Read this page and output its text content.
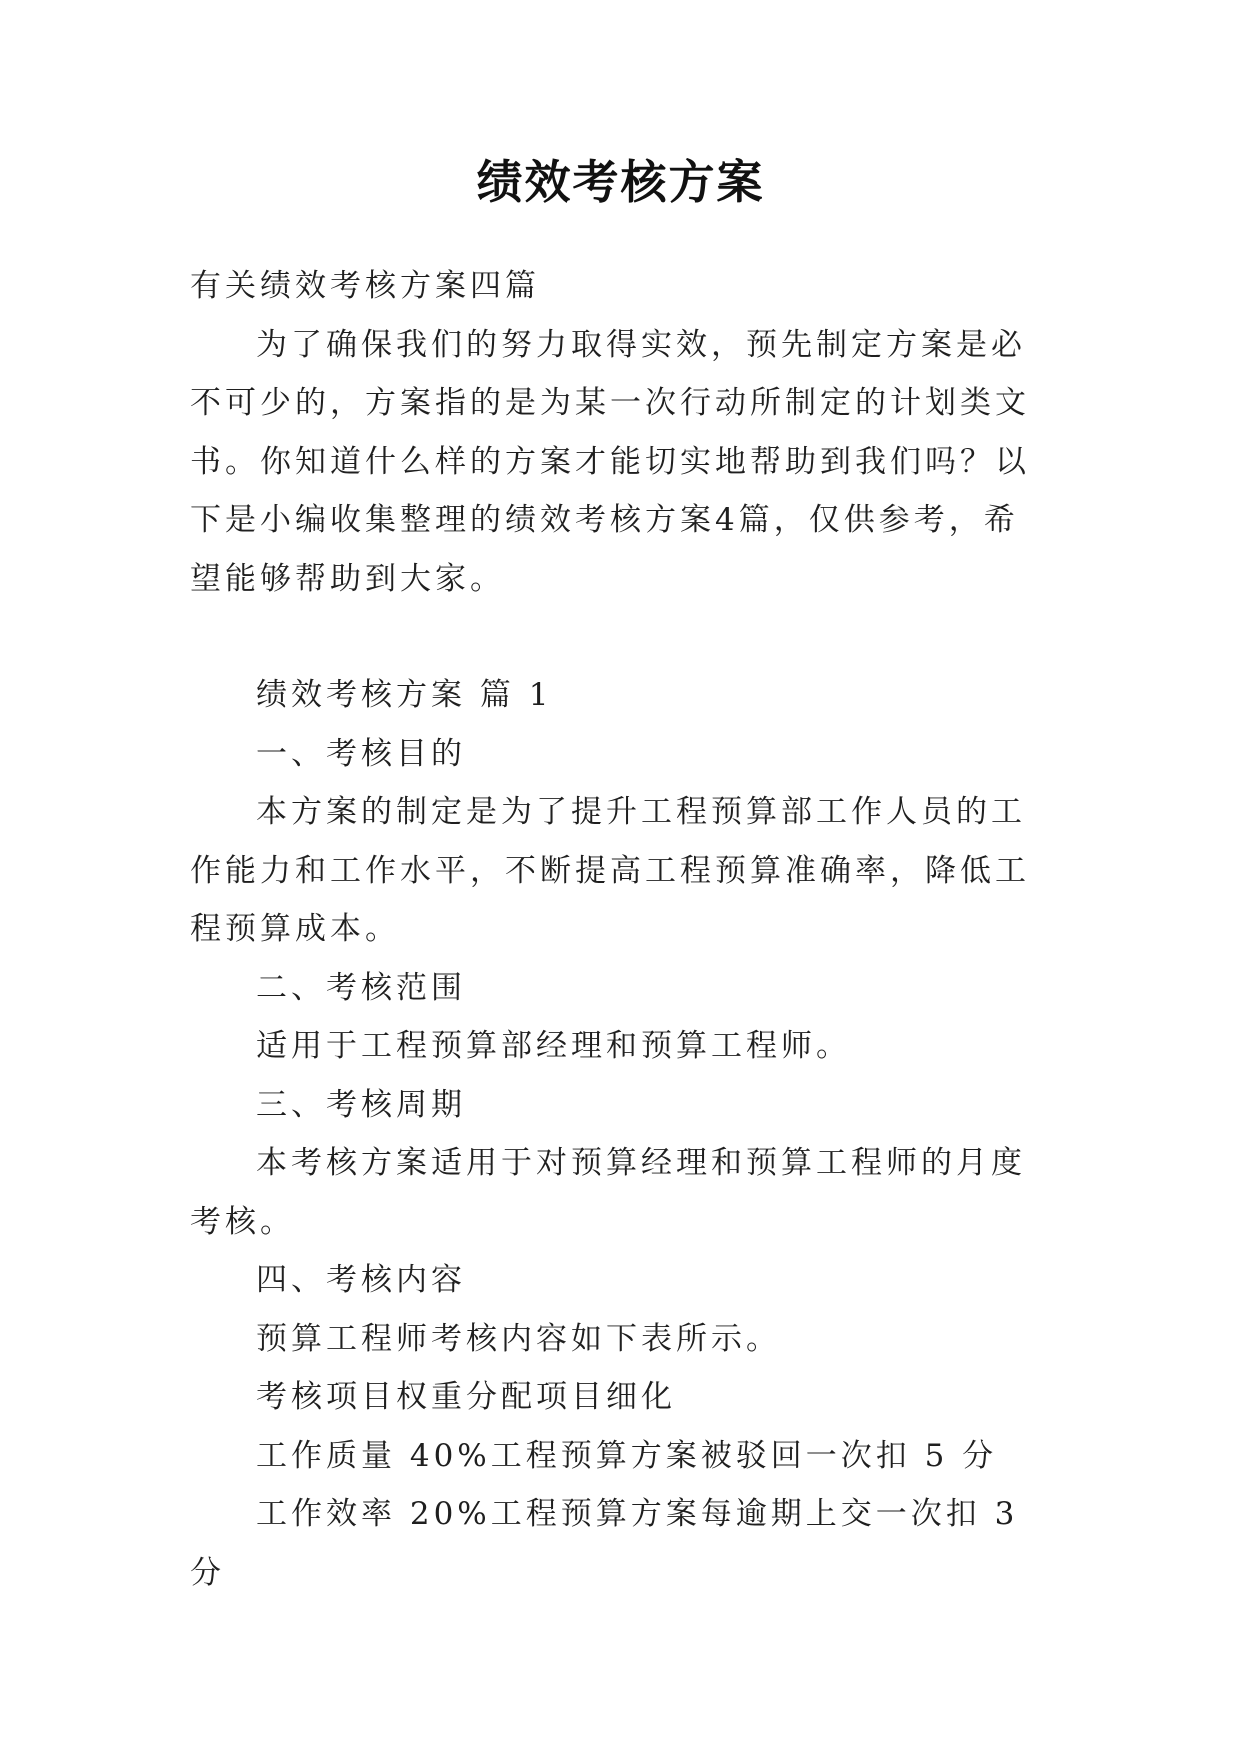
绩效考核方案

有关绩效考核方案四篇

为了确保我们的努力取得实效，预先制定方案是必不可少的，方案指的是为某一次行动所制定的计划类文书。你知道什么样的方案才能切实地帮助到我们吗？以下是小编收集整理的绩效考核方案4篇，仅供参考，希望能够帮助到大家。

绩效考核方案 篇 1

一、考核目的

本方案的制定是为了提升工程预算部工作人员的工作能力和工作水平，不断提高工程预算准确率，降低工程预算成本。

二、考核范围

适用于工程预算部经理和预算工程师。

三、考核周期

本考核方案适用于对预算经理和预算工程师的月度考核。

四、考核内容

预算工程师考核内容如下表所示。

考核项目权重分配项目细化

工作质量 40%工程预算方案被驳回一次扣 5 分

工作效率 20%工程预算方案每逾期上交一次扣 3 分
